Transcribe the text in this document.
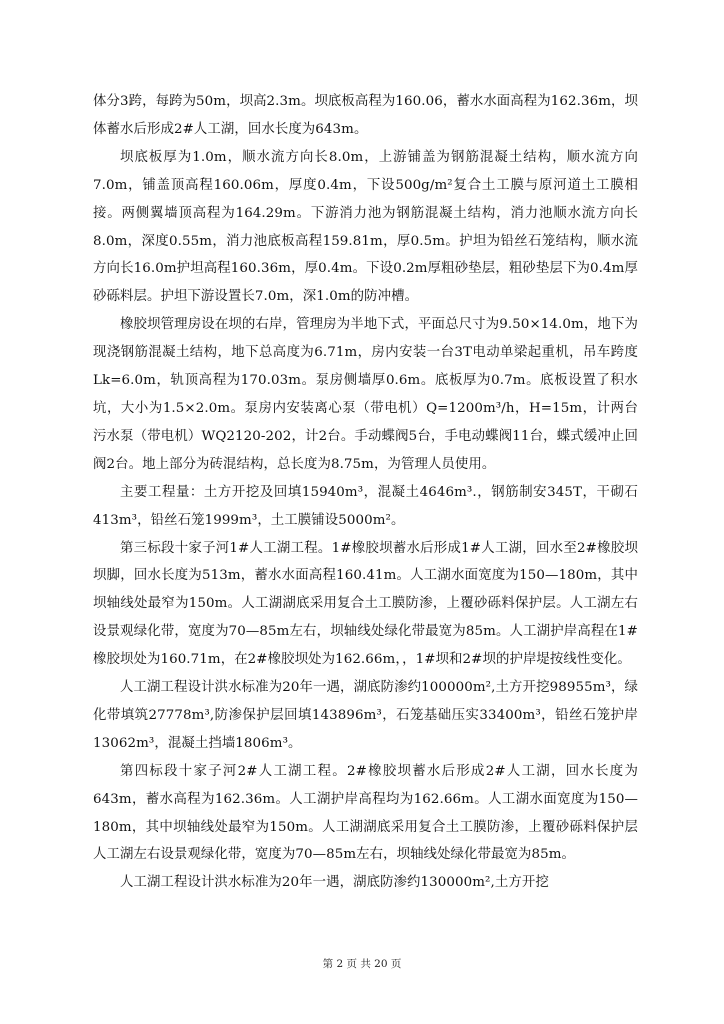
体分3跨，每跨为50m，坝高2.3m。坝底板高程为160.06，蓄水水面高程为162.36m，坝体蓄水后形成2#人工湖，回水长度为643m。

坝底板厚为1.0m，顺水流方向长8.0m，上游铺盖为钢筋混凝土结构，顺水流方向7.0m，铺盖顶高程160.06m，厚度0.4m，下设500g/m²复合土工膜与原河道土工膜相接。两侧翼墙顶高程为164.29m。下游消力池为钢筋混凝土结构，消力池顺水流方向长8.0m，深度0.55m，消力池底板高程159.81m，厚0.5m。护坦为铅丝石笼结构，顺水流方向长16.0m护坦高程160.36m，厚0.4m。下设0.2m厚粗砂垫层，粗砂垫层下为0.4m厚砂砾料层。护坦下游设置长7.0m，深1.0m的防冲槽。

橡胶坝管理房设在坝的右岸，管理房为半地下式，平面总尺寸为9.50×14.0m，地下为现浇钢筋混凝土结构，地下总高度为6.71m，房内安装一台3T电动单梁起重机，吊车跨度Lk=6.0m，轨顶高程为170.03m。泵房侧墙厚0.6m。底板厚为0.7m。底板设置了积水坑，大小为1.5×2.0m。泵房内安装离心泵（带电机）Q=1200m³/h，H=15m，计两台污水泵（带电机）WQ2120-202，计2台。手动蝶阀5台，手电动蝶阀11台，蝶式缓冲止回阀2台。地上部分为砖混结构，总长度为8.75m，为管理人员使用。

主要工程量：土方开挖及回填15940m³，混凝土4646m³.，钢筋制安345T，干砌石413m³，铅丝石笼1999m³，土工膜铺设5000m²。

第三标段十家子河1#人工湖工程。1#橡胶坝蓄水后形成1#人工湖，回水至2#橡胶坝坝脚，回水长度为513m，蓄水水面高程160.41m。人工湖水面宽度为150—180m，其中坝轴线处最窄为150m。人工湖湖底采用复合土工膜防渗，上覆砂砾料保护层。人工湖左右设景观绿化带，宽度为70—85m左右，坝轴线处绿化带最宽为85m。人工湖护岸高程在1#橡胶坝处为160.71m，在2#橡胶坝处为162.66m，，1#坝和2#坝的护岸堤按线性变化。

人工湖工程设计洪水标准为20年一遇，湖底防渗约100000m²,土方开挖98955m³，绿化带填筑27778m³,防渗保护层回填143896m³，石笼基础压实33400m³，铅丝石笼护岸13062m³，混凝土挡墙1806m³。

第四标段十家子河2#人工湖工程。2#橡胶坝蓄水后形成2#人工湖，回水长度为643m，蓄水高程为162.36m。人工湖护岸高程均为162.66m。人工湖水面宽度为150—180m，其中坝轴线处最窄为150m。人工湖湖底采用复合土工膜防渗，上覆砂砾料保护层人工湖左右设景观绿化带，宽度为70—85m左右，坝轴线处绿化带最宽为85m。

人工湖工程设计洪水标准为20年一遇，湖底防渗约130000m²,土方开挖

第 2 页 共 20 页
